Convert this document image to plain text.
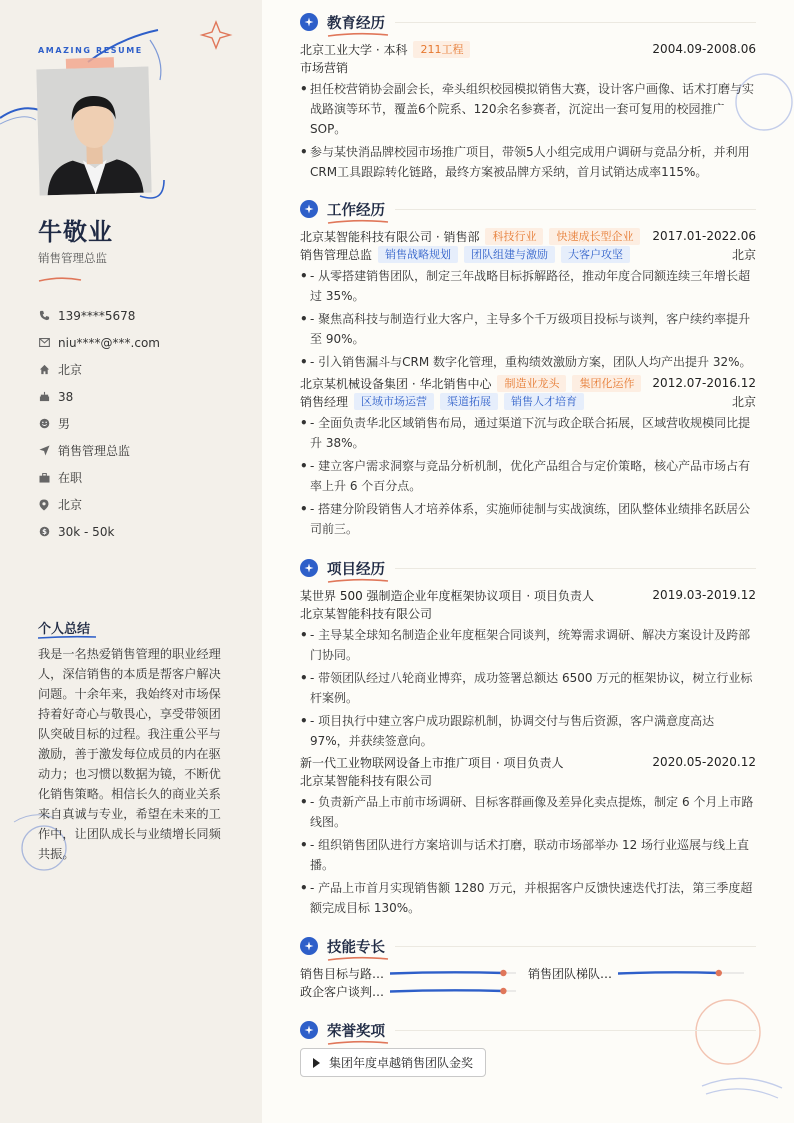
AMAZING RESUME
牛敬业
销售管理总监
139****5678
niu****@***.com
北京
38
男
销售管理总监
在职
北京
$ 30k - 50k
个人总结
我是一名热爱销售管理的职业经理人，深信销售的本质是帮客户解决问题。十余年来，我始终对市场保持着好奇心与敬畏心，享受带领团队突破目标的过程。我注重公平与激励，善于激发每位成员的内在驱动力；也习惯以数据为镜，不断优化销售策略。相信长久的商业关系来自真诚与专业，希望在未来的工作中，让团队成长与业绩增长同频共振。
教育经历
北京工业大学 · 本科	211工程	2004.09-2008.06
市场营销
• 担任校营销协会副会长，牵头组织校园模拟销售大赛，设计客户画像、话术打磨与实战路演等环节，覆盖6个院系、120余名参赛者，沉淀出一套可复用的校园推广SOP。
• 参与某快消品牌校园市场推广项目，带领5人小组完成用户调研与竞品分析，并利用CRM工具跟踪转化链路，最终方案被品牌方采纳，首月试销达成率115%。
工作经历
北京某智能科技有限公司 · 销售部	科技行业	快速成长型企业	2017.01-2022.06
销售管理总监	销售战略规划	团队组建与激励	大客户攻坚	北京
• - 从零搭建销售团队，制定三年战略目标拆解路径，推动年度合同额连续三年增长超过 35%。
• - 聚焦高科技与制造行业大客户，主导多个千万级项目投标与谈判，客户续约率提升至 90%。
• - 引入销售漏斗与CRM 数字化管理，重构绩效激励方案，团队人均产出提升 32%。
北京某机械设备集团 · 华北销售中心	制造业龙头	集团化运作	2012.07-2016.12
销售经理	区域市场运营	渠道拓展	销售人才培育	北京
• - 全面负责华北区域销售布局，通过渠道下沉与政企联合拓展，区域营收规模同比提升 38%。
• - 建立客户需求洞察与竞品分析机制，优化产品组合与定价策略，核心产品市场占有率上升 6 个百分点。
• - 搭建分阶段销售人才培养体系，实施师徒制与实战演练，团队整体业绩排名跃居公司前三。
项目经历
某世界 500 强制造企业年度框架协议项目 · 项目负责人	2019.03-2019.12
北京某智能科技有限公司
• - 主导某全球知名制造企业年度框架合同谈判，统筹需求调研、解决方案设计及跨部门协同。
• - 带领团队经过八轮商业博弈，成功签署总额达 6500 万元的框架协议，树立行业标杆案例。
• - 项目执行中建立客户成功跟踪机制，协调交付与售后资源，客户满意度高达 97%，并获续签意向。
新一代工业物联网设备上市推广项目 · 项目负责人	2020.05-2020.12
北京某智能科技有限公司
• - 负责新产品上市前市场调研、目标客群画像及差异化卖点提炼，制定 6 个月上市路线图。
• - 组织销售团队进行方案培训与话术打磨，联动市场部举办 12 场行业巡展与线上直播。
• - 产品上市首月实现销售额 1280 万元，并根据客户反馈快速迭代打法，第三季度超额完成目标 130%。
技能专长
销售目标与路…	销售团队梯队…
政企客户谈判…
荣誉奖项
集团年度卓越销售团队金奖
